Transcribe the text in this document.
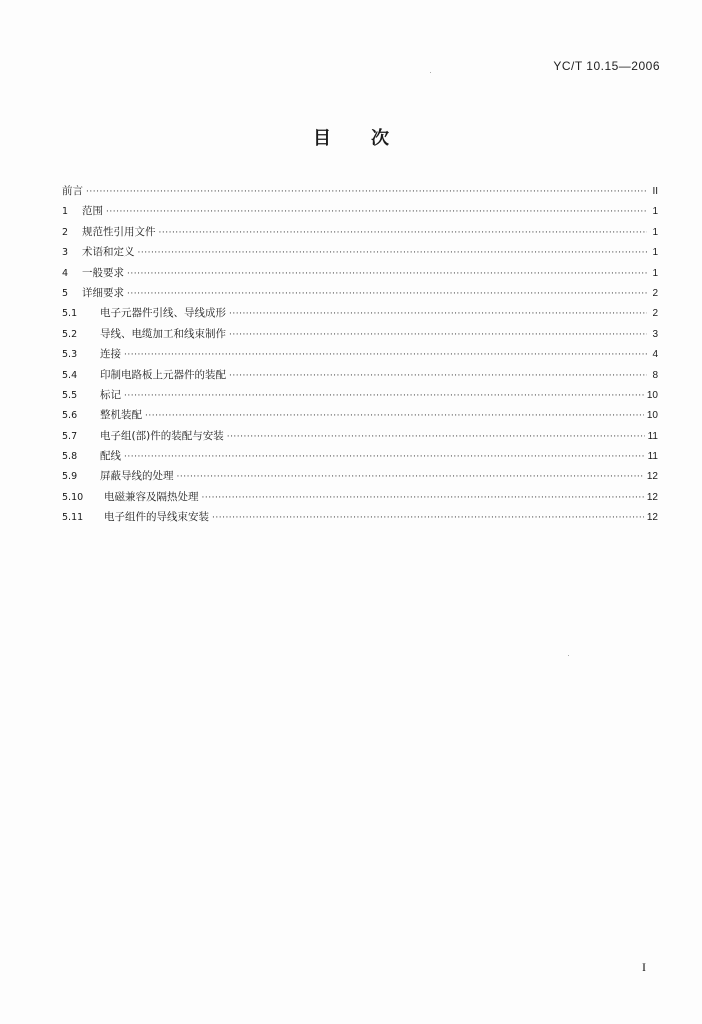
YC/T 10.15—2006
目 次
前言 ·····	II
1	范围 ·····	1
2	规范性引用文件 ·····	1
3	术语和定义 ·····	1
4	一般要求 ·····	1
5	详细要求 ·····	2
5.1	电子元器件引线、导线成形 ·····	2
5.2	导线、电缆加工和线束制作 ·····	3
5.3	连接 ·····	4
5.4	印制电路板上元器件的装配 ·····	8
5.5	标记 ·····	10
5.6	整机装配 ·····	10
5.7	电子组(部)件的装配与安装 ·····	11
5.8	配线 ·····	11
5.9	屏蔽导线的处理 ·····	12
5.10	电磁兼容及隔热处理 ·····	12
5.11	电子组件的导线束安装 ·····	12
I
